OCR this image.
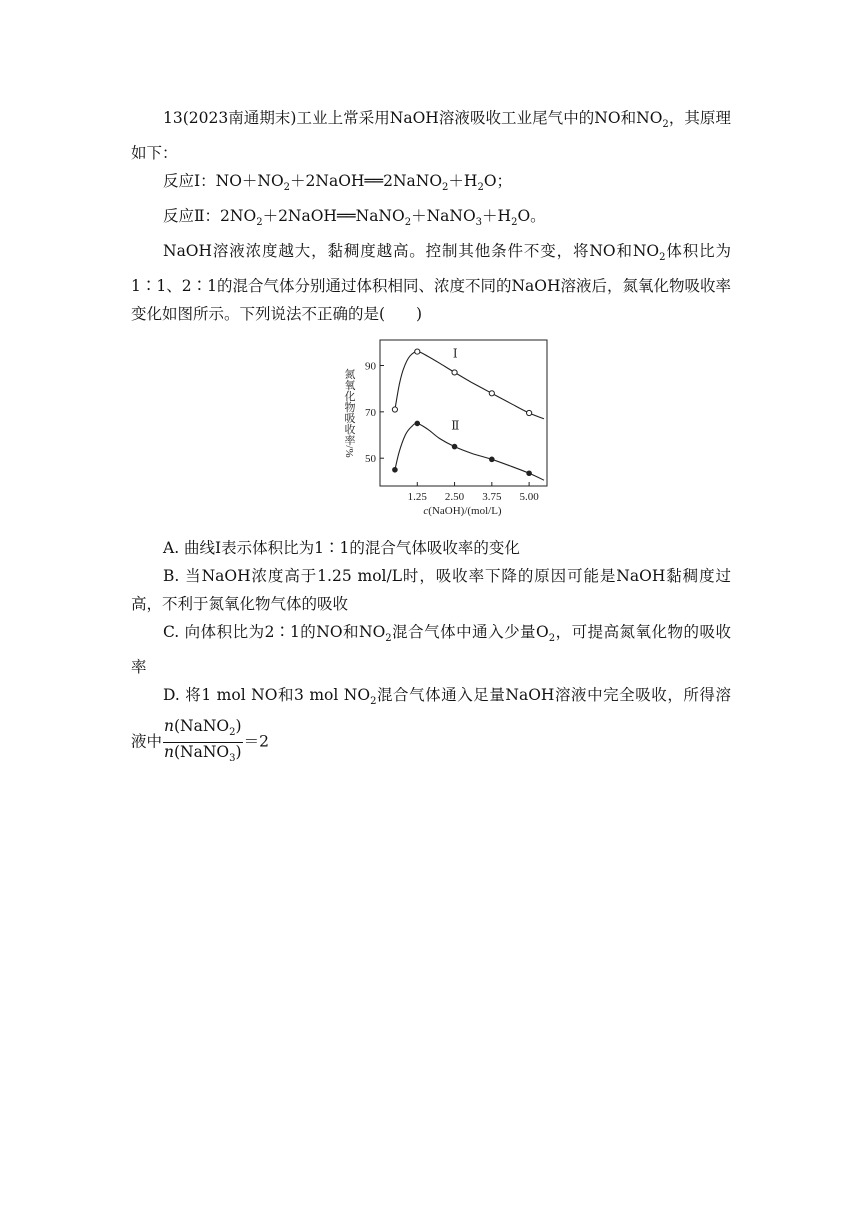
13(2023南通期末)工业上常采用NaOH溶液吸收工业尾气中的NO和$NO_2$，其原理如下：

反应Ⅰ：$NO+NO_2+2NaOH══2NaNO_2+H_2O$；

反应Ⅱ：$2NO_2+2NaOH══NaNO_2+NaNO_3+H_2O$。

NaOH溶液浓度越大，黏稠度越高。控制其他条件不变，将NO和$NO_2$体积比为1∶1、2∶1的混合气体分别通过体积相同、浓度不同的NaOH溶液后，氮氧化物吸收率变化如图所示。下列说法不正确的是(　　)

50
70
90
1.25 2.50 3.75 5.00
c(NaOH)/(mol/L)
氮氧化物吸收率/%
Ⅰ
Ⅱ

A. 曲线Ⅰ表示体积比为1∶1的混合气体吸收率的变化

B. 当NaOH浓度高于1.25 mol/L时，吸收率下降的原因可能是NaOH黏稠度过高，不利于氮氧化物气体的吸收

C. 向体积比为2∶1的NO和$NO_2$混合气体中通入少量$O_2$，可提高氮氧化物的吸收率

D. 将1 mol NO和3 mol $NO_2$混合气体通入足量NaOH溶液中完全吸收，所得溶液中 $\frac{n(NaNO_2)}{n(NaNO_3)} =2$
